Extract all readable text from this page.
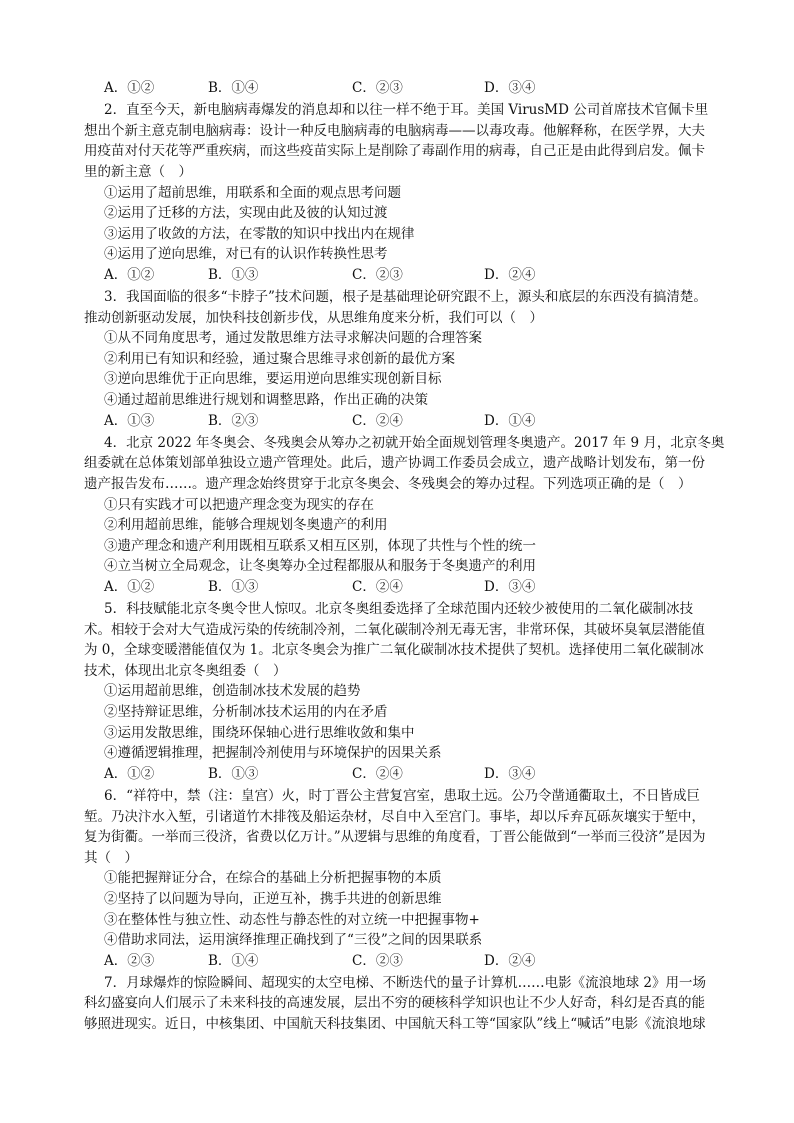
A．①②	B．①④	C．②③	D．③④
2．直至今天，新电脑病毒爆发的消息却和以往一样不绝于耳。美国 VirusMD 公司首席技术官佩卡里
想出个新主意克制电脑病毒：设计一种反电脑病毒的电脑病毒——以毒攻毒。他解释称，在医学界，大夫
用疫苗对付天花等严重疾病，而这些疫苗实际上是削除了毒副作用的病毒，自己正是由此得到启发。佩卡
里的新主意（　）
①运用了超前思维，用联系和全面的观点思考问题
②运用了迁移的方法，实现由此及彼的认知过渡
③运用了收敛的方法，在零散的知识中找出内在规律
④运用了逆向思维，对已有的认识作转换性思考
A．①②	B．①③	C．②③	D．②④
3．我国面临的很多“卡脖子”技术问题，根子是基础理论研究跟不上，源头和底层的东西没有搞清楚。
推动创新驱动发展，加快科技创新步伐，从思维角度来分析，我们可以（　）
①从不同角度思考，通过发散思维方法寻求解决问题的合理答案
②利用已有知识和经验，通过聚合思维寻求创新的最优方案
③逆向思维优于正向思维，要运用逆向思维实现创新目标
④通过超前思维进行规划和调整思路，作出正确的决策
A．①③	B．②③	C．②④	D．①④
4．北京 2022 年冬奥会、冬残奥会从筹办之初就开始全面规划管理冬奥遗产。2017 年 9 月，北京冬奥
组委就在总体策划部单独设立遗产管理处。此后，遗产协调工作委员会成立，遗产战略计划发布，第一份
遗产报告发布……。遗产理念始终贯穿于北京冬奥会、冬残奥会的筹办过程。下列选项正确的是（　）
①只有实践才可以把遗产理念变为现实的存在
②利用超前思维，能够合理规划冬奥遗产的利用
③遗产理念和遗产利用既相互联系又相互区别，体现了共性与个性的统一
④立当树立全局观念，让冬奥筹办全过程都服从和服务于冬奥遗产的利用
A．①②	B．①③	C．②④	D．③④
5．科技赋能北京冬奥令世人惊叹。北京冬奥组委选择了全球范围内还较少被使用的二氧化碳制冰技
术。相较于会对大气造成污染的传统制冷剂，二氧化碳制冷剂无毒无害，非常环保，其破坏臭氧层潜能值
为 0，全球变暖潜能值仅为 1。北京冬奥会为推广二氧化碳制冰技术提供了契机。选择使用二氧化碳制冰
技术，体现出北京冬奥组委（　）
①运用超前思维，创造制冰技术发展的趋势
②坚持辩证思维，分析制冰技术运用的内在矛盾
③运用发散思维，围绕环保轴心进行思维收敛和集中
④遵循逻辑推理，把握制冷剂使用与环境保护的因果关系
A．①②	B．①③	C．②④	D．③④
6．“祥符中，禁（注：皇宫）火，时丁晋公主营复宫室，患取土远。公乃令凿通衢取土，不日皆成巨
堑。乃决汴水入堑，引诸道竹木排筏及船运杂材，尽自中入至宫门。事毕，却以斥弃瓦砾灰壤实于堑中，
复为街衢。一举而三役济，省费以亿万计。”从逻辑与思维的角度看，丁晋公能做到“一举而三役济”是因为
其（　）
①能把握辩证分合，在综合的基础上分析把握事物的本质
②坚持了以问题为导向，正逆互补，携手共进的创新思维
③在整体性与独立性、动态性与静态性的对立统一中把握事物+
④借助求同法，运用演绎推理正确找到了“三役”之间的因果联系
A．②③	B．①④	C．②③	D．②④
7．月球爆炸的惊险瞬间、超现实的太空电梯、不断迭代的量子计算机……电影《流浪地球 2》用一场
科幻盛宴向人们展示了未来科技的高速发展，层出不穷的硬核科学知识也让不少人好奇，科幻是否真的能
够照进现实。近日，中核集团、中国航天科技集团、中国航天科工等“国家队”线上“喊话”电影《流浪地球
